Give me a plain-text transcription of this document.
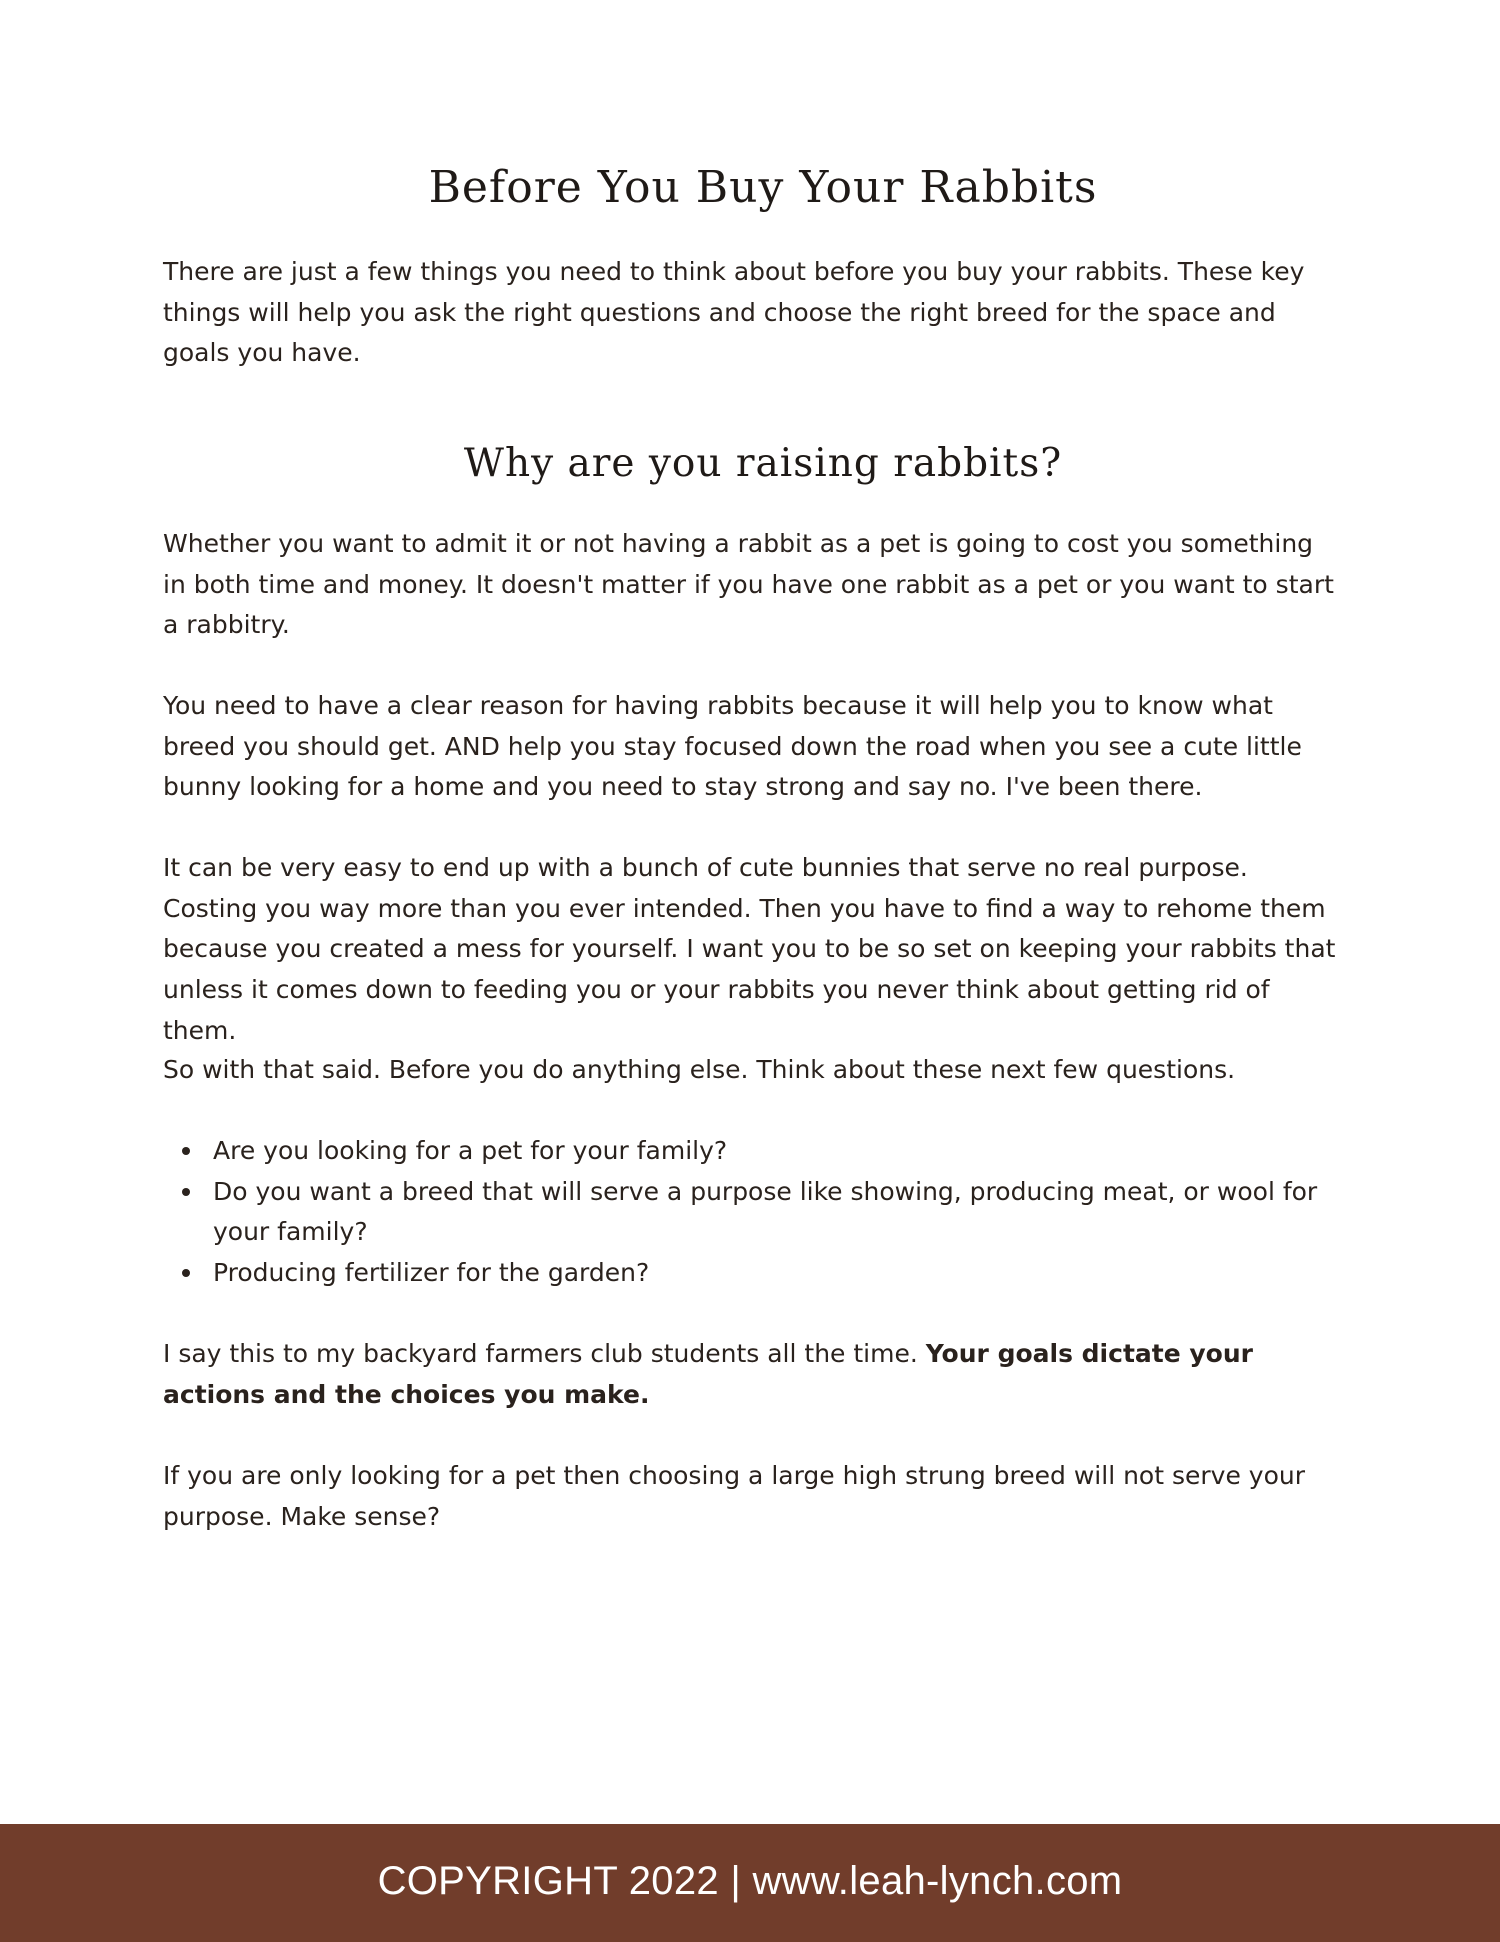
Before You Buy Your Rabbits

There are just a few things you need to think about before you buy your rabbits. These key things will help you ask the right questions and choose the right breed for the space and goals you have.

Why are you raising rabbits?

Whether you want to admit it or not having a rabbit as a pet is going to cost you something in both time and money. It doesn't matter if you have one rabbit as a pet or you want to start a rabbitry.

You need to have a clear reason for having rabbits because it will help you to know what breed you should get. AND help you stay focused down the road when you see a cute little bunny looking for a home and you need to stay strong and say no. I've been there.

It can be very easy to end up with a bunch of cute bunnies that serve no real purpose. Costing you way more than you ever intended. Then you have to find a way to rehome them because you created a mess for yourself. I want you to be so set on keeping your rabbits that unless it comes down to feeding you or your rabbits you never think about getting rid of them.

So with that said. Before you do anything else. Think about these next few questions.

Are you looking for a pet for your family?
Do you want a breed that will serve a purpose like showing, producing meat, or wool for your family?
Producing fertilizer for the garden?

I say this to my backyard farmers club students all the time. Your goals dictate your actions and the choices you make.

If you are only looking for a pet then choosing a large high strung breed will not serve your purpose. Make sense?

COPYRIGHT 2022 | www.leah-lynch.com
